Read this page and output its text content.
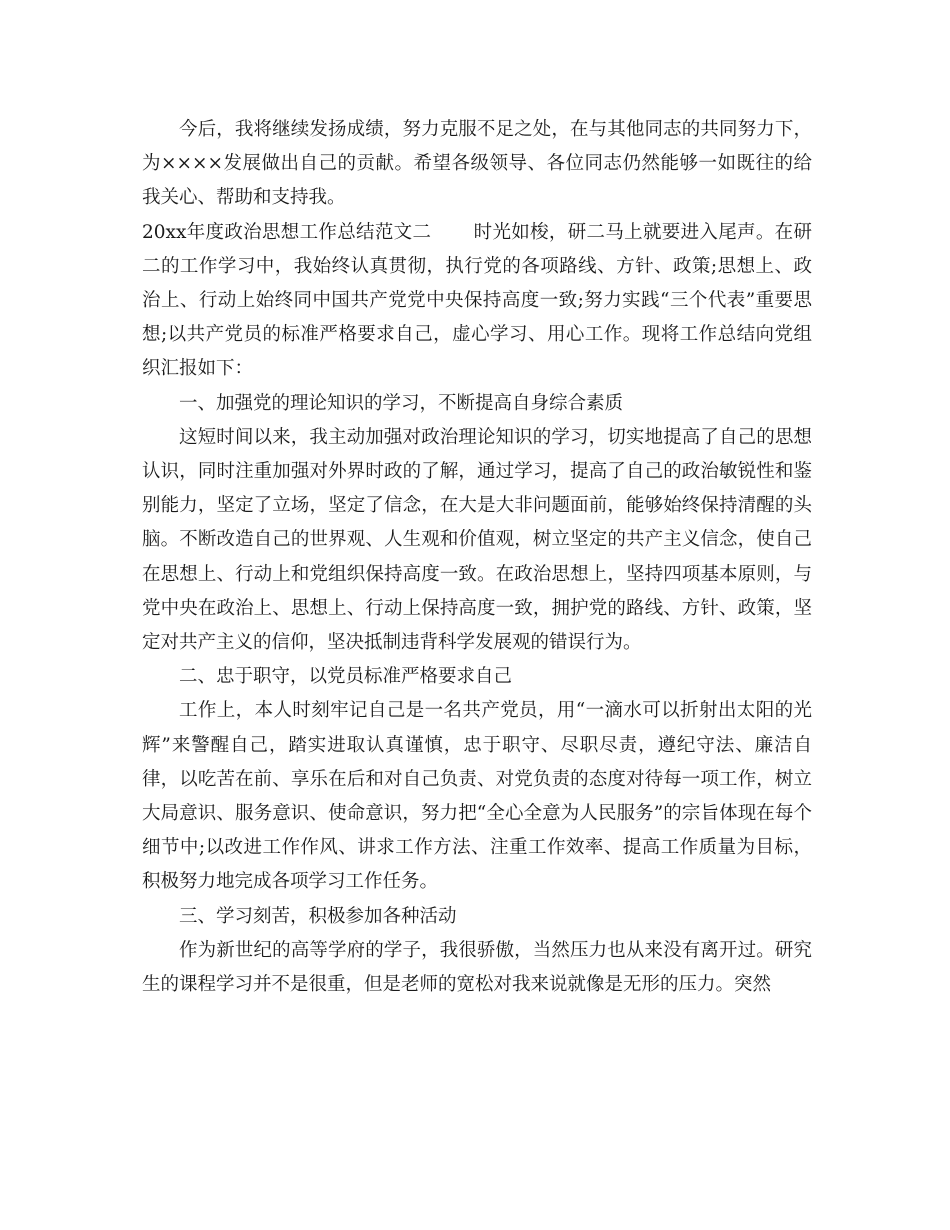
今后，我将继续发扬成绩，努力克服不足之处，在与其他同志的共同努力下，为××××发展做出自己的贡献。希望各级领导、各位同志仍然能够一如既往的给我关心、帮助和支持我。

20xx年度政治思想工作总结范文二 时光如梭，研二马上就要进入尾声。在研二的工作学习中，我始终认真贯彻，执行党的各项路线、方针、政策;思想上、政治上、行动上始终同中国共产党党中央保持高度一致;努力实践“三个代表”重要思想;以共产党员的标准严格要求自己，虚心学习、用心工作。现将工作总结向党组织汇报如下：

一、加强党的理论知识的学习，不断提高自身综合素质

这短时间以来，我主动加强对政治理论知识的学习，切实地提高了自己的思想认识，同时注重加强对外界时政的了解，通过学习，提高了自己的政治敏锐性和鉴别能力，坚定了立场，坚定了信念，在大是大非问题面前，能够始终保持清醒的头脑。不断改造自己的世界观、人生观和价值观，树立坚定的共产主义信念，使自己在思想上、行动上和党组织保持高度一致。在政治思想上，坚持四项基本原则，与党中央在政治上、思想上、行动上保持高度一致，拥护党的路线、方针、政策，坚定对共产主义的信仰，坚决抵制违背科学发展观的错误行为。

二、忠于职守，以党员标准严格要求自己

工作上，本人时刻牢记自己是一名共产党员，用“一滴水可以折射出太阳的光辉”来警醒自己，踏实进取认真谨慎，忠于职守、尽职尽责，遵纪守法、廉洁自律，以吃苦在前、享乐在后和对自己负责、对党负责的态度对待每一项工作，树立大局意识、服务意识、使命意识，努力把“全心全意为人民服务”的宗旨体现在每个细节中;以改进工作作风、讲求工作方法、注重工作效率、提高工作质量为目标，积极努力地完成各项学习工作任务。

三、学习刻苦，积极参加各种活动

作为新世纪的高等学府的学子，我很骄傲，当然压力也从来没有离开过。研究生的课程学习并不是很重，但是老师的宽松对我来说就像是无形的压力。突然
